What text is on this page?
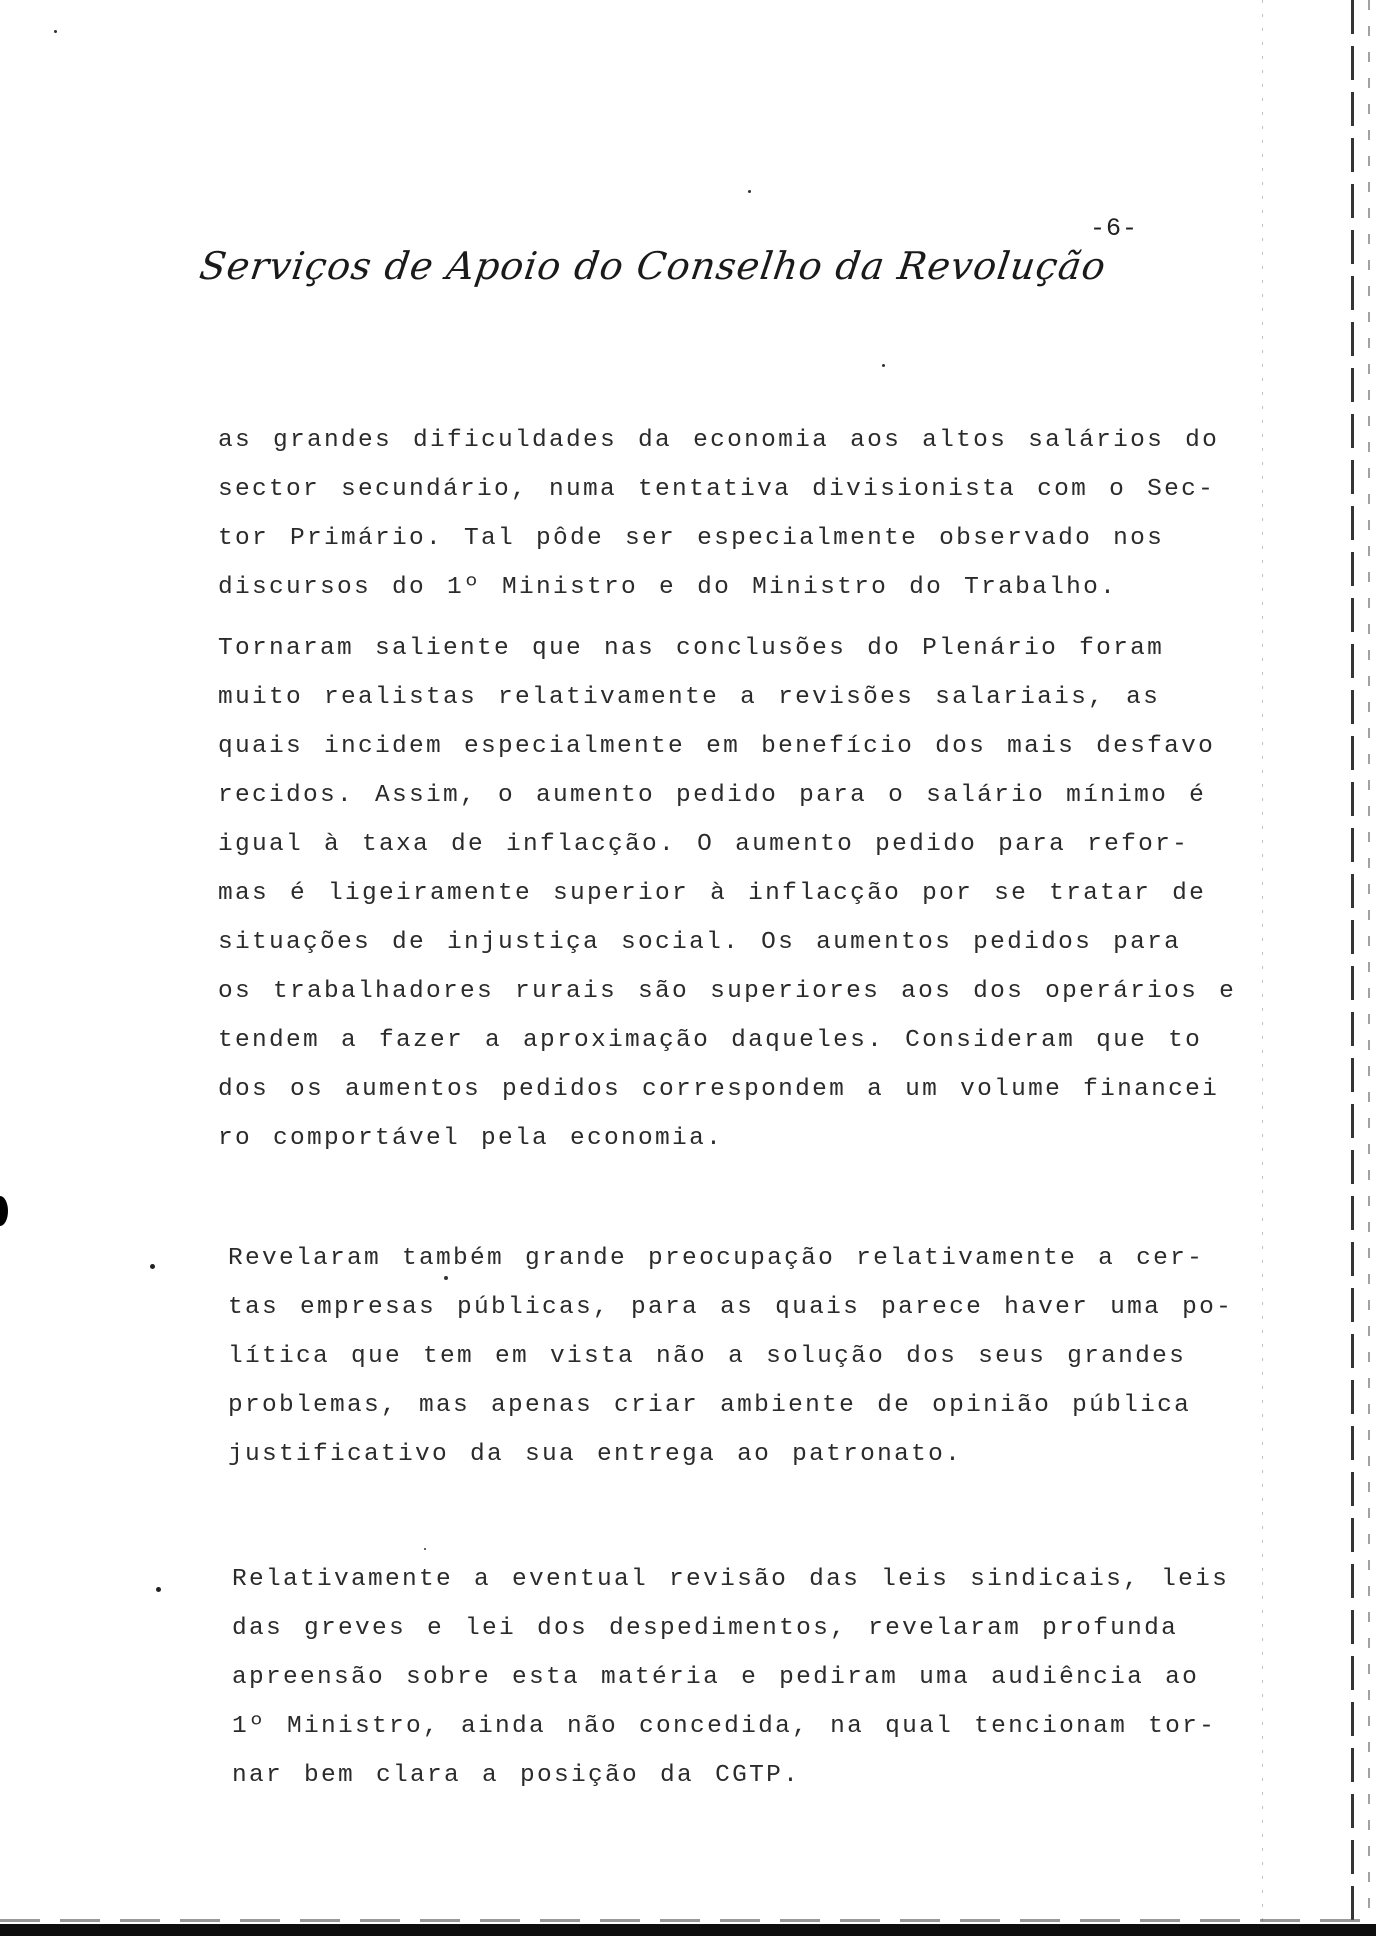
-6-
Serviços de Apoio do Conselho da Revolução

as grandes dificuldades da economia aos altos salários do
sector secundário, numa tentativa divisionista com o Sec-
tor Primário. Tal pôde ser especialmente observado nos
discursos do 1º Ministro e do Ministro do Trabalho.

Tornaram saliente que nas conclusões do Plenário foram
muito realistas relativamente a revisões salariais, as
quais incidem especialmente em benefício dos mais desfavo
recidos. Assim, o aumento pedido para o salário mínimo é
igual à taxa de inflacção. O aumento pedido para refor-
mas é ligeiramente superior à inflacção por se tratar de
situações de injustiça social. Os aumentos pedidos para
os trabalhadores rurais são superiores aos dos operários e
tendem a fazer a aproximação daqueles. Consideram que to
dos os aumentos pedidos correspondem a um volume financei
ro comportável pela economia.

Revelaram também grande preocupação relativamente a cer-
tas empresas públicas, para as quais parece haver uma po-
lítica que tem em vista não a solução dos seus grandes
problemas, mas apenas criar ambiente de opinião pública
justificativo da sua entrega ao patronato.

Relativamente a eventual revisão das leis sindicais, leis
das greves e lei dos despedimentos, revelaram profunda
apreensão sobre esta matéria e pediram uma audiência ao
1º Ministro, ainda não concedida, na qual tencionam tor-
nar bem clara a posição da CGTP.
